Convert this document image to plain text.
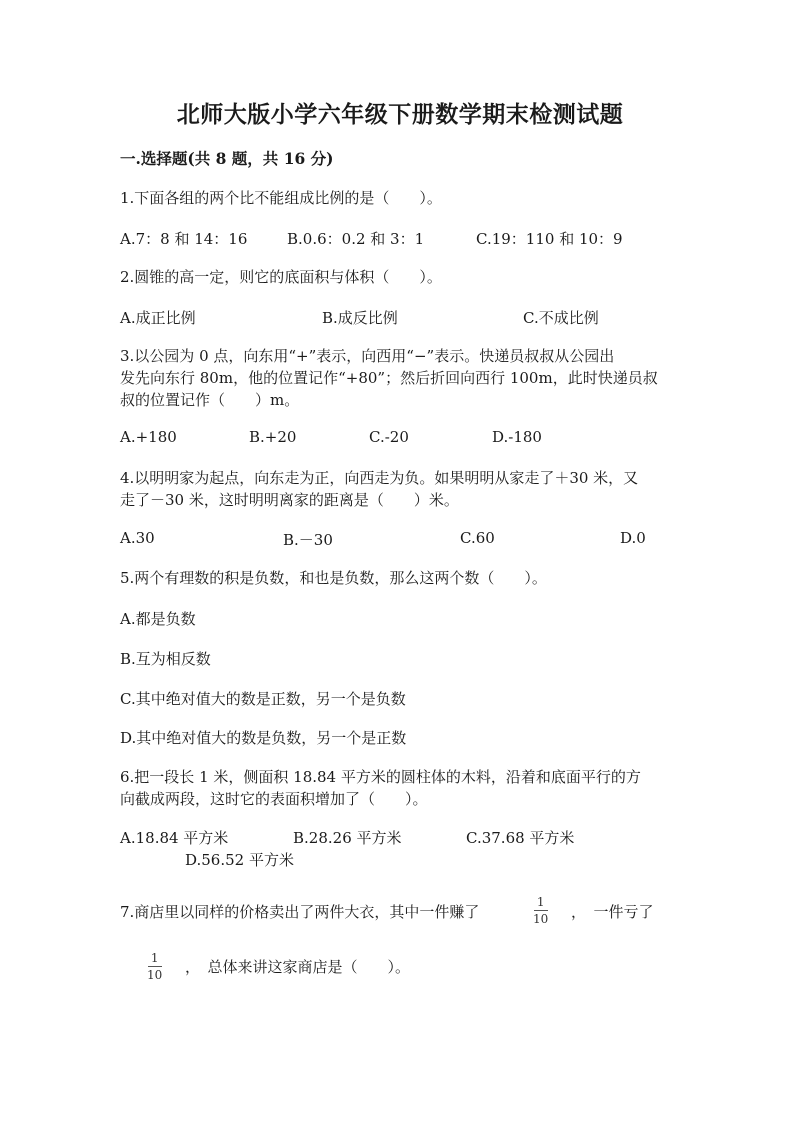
北师大版小学六年级下册数学期末检测试题
一.选择题(共 8 题，共 16 分)
1.下面各组的两个比不能组成比例的是（　　）。
A.7：8 和 14：16	B.0.6：0.2 和 3：1	C.19：110 和 10：9
2.圆锥的高一定，则它的底面积与体积（　　）。
A.成正比例	B.成反比例	C.不成比例
3.以公园为 0 点，向东用“+”表示，向西用“−”表示。快递员叔叔从公园出
发先向东行 80m，他的位置记作“+80”；然后折回向西行 100m，此时快递员叔
叔的位置记作（　　）m。
A.+180	B.+20	C.-20	D.-180
4.以明明家为起点，向东走为正，向西走为负。如果明明从家走了＋30 米，又
走了－30 米，这时明明离家的距离是（　　）米。
A.30	B.－30	C.60	D.0
5.两个有理数的积是负数，和也是负数，那么这两个数（　　）。
A.都是负数
B.互为相反数
C.其中绝对值大的数是正数，另一个是负数
D.其中绝对值大的数是负数，另一个是正数
6.把一段长 1 米，侧面积 18.84 平方米的圆柱体的木料，沿着和底面平行的方
向截成两段，这时它的表面积增加了（　　）。
A.18.84 平方米	B.28.26 平方米	C.37.68 平方米
D.56.52 平方米
7.商店里以同样的价格卖出了两件大衣，其中一件赚了
1
10 ，　一件亏了
1
10 ，　总体来讲这家商店是（　　）。
